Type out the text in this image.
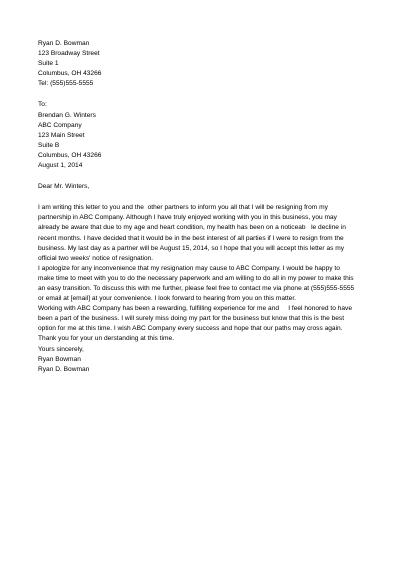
Ryan D. Bowman
123 Broadway Street
Suite 1
Columbus, OH 43266
Tel: (555)555-5555
To:
Brendan G. Winters
ABC Company
123 Main Street
Suite B
Columbus, OH 43266
August 1, 2014
Dear Mr. Winters,
I am writing this letter to you and the  other partners to inform you all that I will be resigning from my
partnership in ABC Company. Although I have truly enjoyed working with you in this business, you may
already be aware that due to my age and heart condition, my health has been on a noticeab   le decline in
recent months. I have decided that it would be in the best interest of all parties if I were to resign from the
business. My last day as a partner will be August 15, 2014, so I hope that you will accept this letter as my
official two weeks' notice of resignation.
I apologize for any inconvenience that my resignation may cause to ABC Company. I would be happy to
make time to meet with you to do the necessary paperwork and am willing to do all in my power to make this
an easy transition. To discuss this with me further, please feel free to contact me via phone at (555)555-5555
or email at [email] at your convenience. I look forward to hearing from you on this matter.
Working with ABC Company has been a rewarding, fulfilling experience for me and     I feel honored to have
been a part of the business. I will surely miss doing my part for the business but know that this is the best
option for me at this time. I wish ABC Company every success and hope that our paths may cross again.
Thank you for your un derstanding at this time.
Yours sincerely,
Ryan Bowman
Ryan D. Bowman
